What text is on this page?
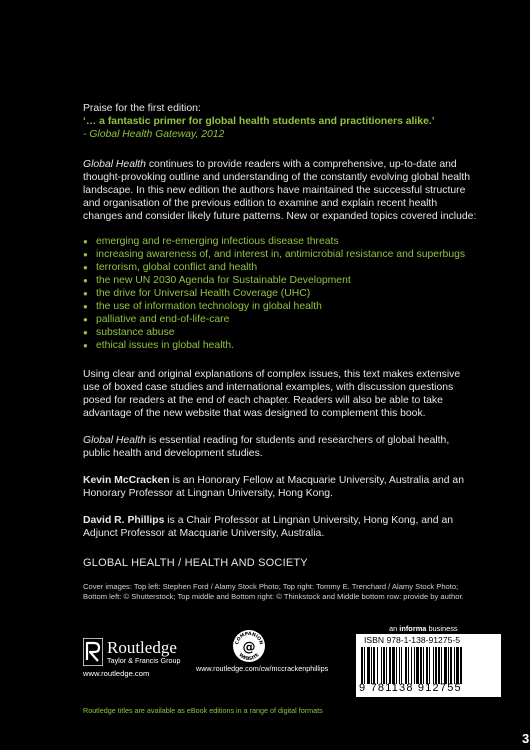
Praise for the first edition:

‘… a fantastic primer for global health students and practitioners alike.’

- Global Health Gateway, 2012

Global Health continues to provide readers with a comprehensive, up-to-date and thought-provoking outline and understanding of the constantly evolving global health landscape. In this new edition the authors have maintained the successful structure and organisation of the previous edition to examine and explain recent health changes and consider likely future patterns. New or expanded topics covered include:

● emerging and re-emerging infectious disease threats
● increasing awareness of, and interest in, antimicrobial resistance and superbugs
● terrorism, global conflict and health
● the new UN 2030 Agenda for Sustainable Development
● the drive for Universal Health Coverage (UHC)
● the use of information technology in global health
● palliative and end-of-life-care
● substance abuse
● ethical issues in global health.

Using clear and original explanations of complex issues, this text makes extensive use of boxed case studies and international examples, with discussion questions posed for readers at the end of each chapter. Readers will also be able to take advantage of the new website that was designed to complement this book.

Global Health is essential reading for students and researchers of global health, public health and development studies.

Kevin McCracken is an Honorary Fellow at Macquarie University, Australia and an Honorary Professor at Lingnan University, Hong Kong.

David R. Phillips is a Chair Professor at Lingnan University, Hong Kong, and an Adjunct Professor at Macquarie University, Australia.

GLOBAL HEALTH / HEALTH AND SOCIETY

Cover images: Top left: Stephen Ford / Alamy Stock Photo; Top right: Tommy E. Trenchard / Alamy Stock Photo; Bottom left: © Shutterstock; Top middle and Bottom right: © Thinkstock and Middle bottom row: provide by author.

Routledge
Taylor & Francis Group
www.routledge.com
COMPANION
WEBSITE
@
www.routledge.com/cw/mccrackenphillips
an informa business
ISBN 978-1-138-91275-5
9 781138 912755
Routledge titles are available as eBook editions in a range of digital formats
3
